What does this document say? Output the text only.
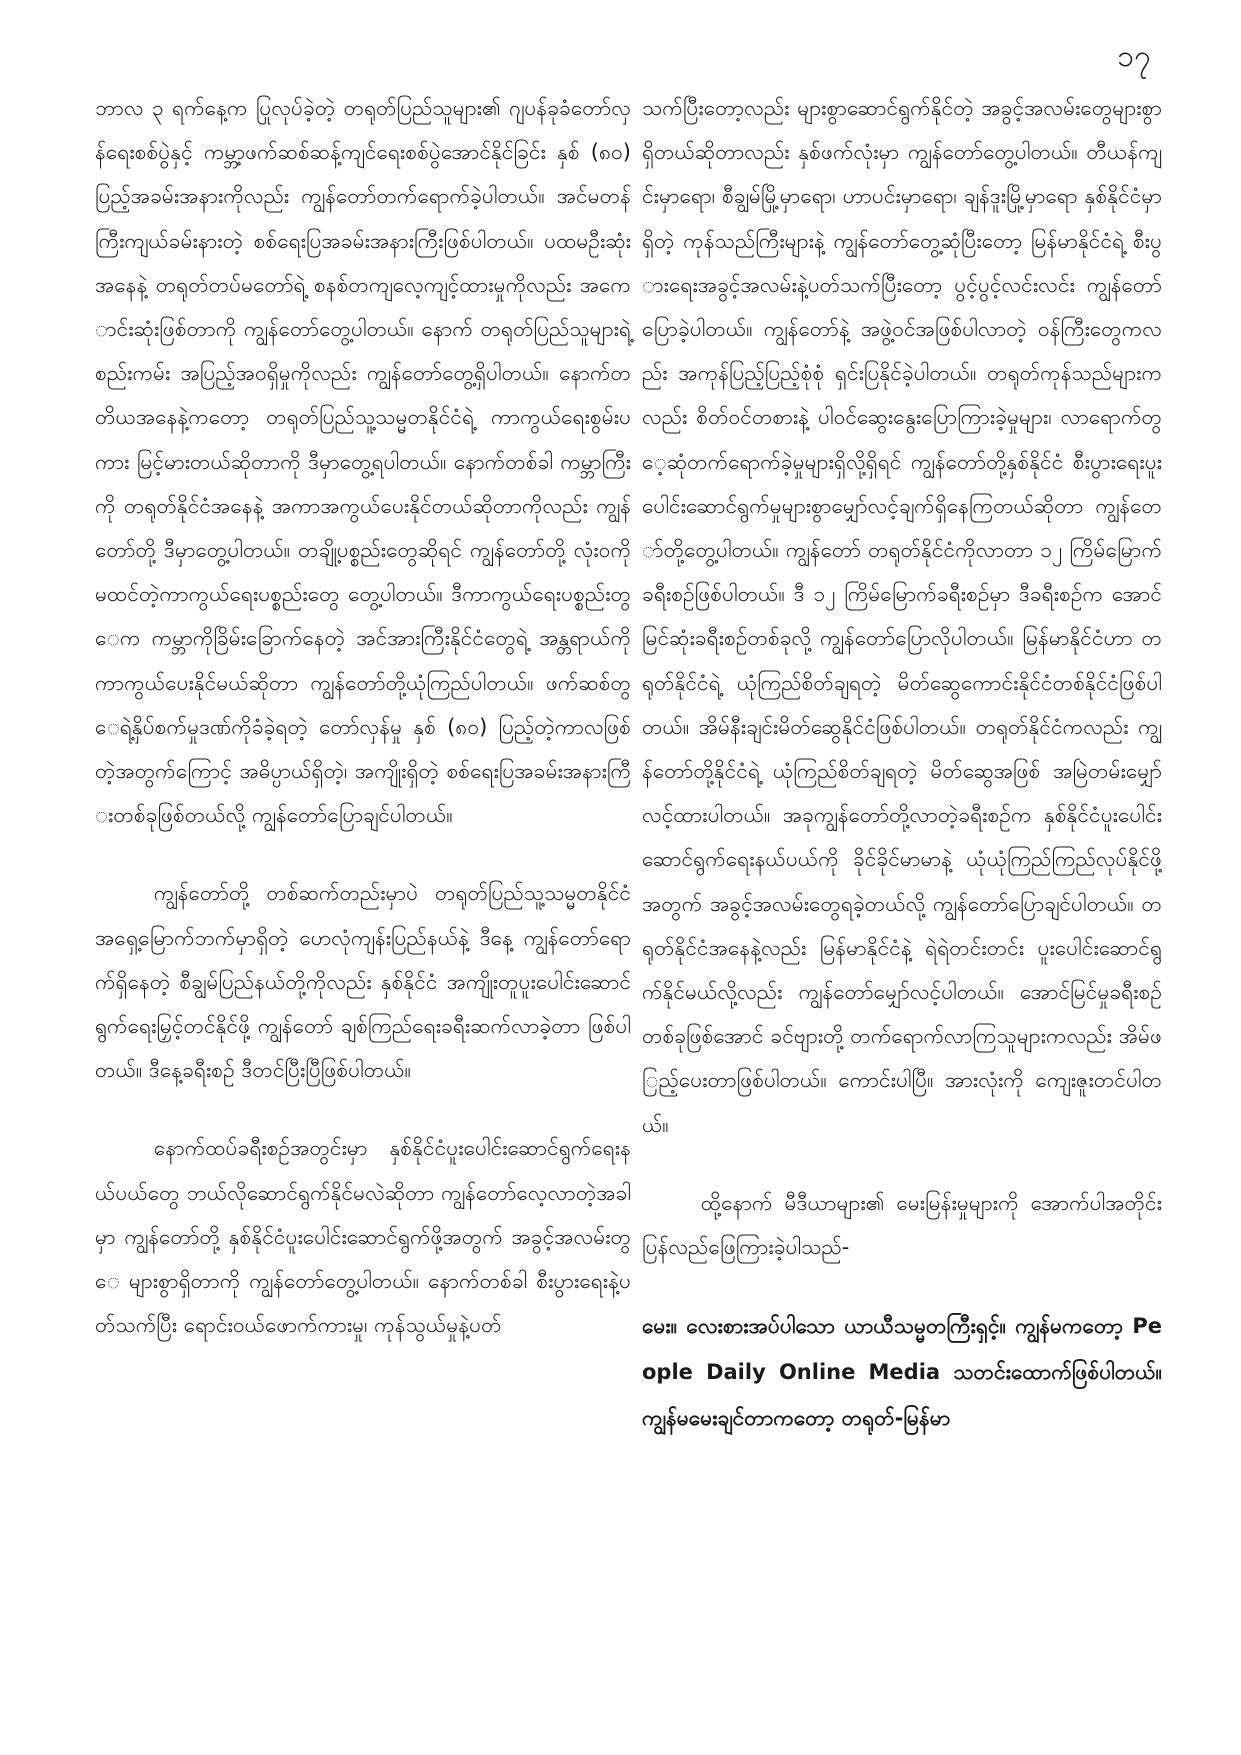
၁၇

ဘာလ ၃ ရက်နေ့က ပြုလုပ်ခဲ့တဲ့ တရုတ်ပြည်သူများ၏ ဂျပန်ခုခံတော်လှန်ရေးစစ်ပွဲနှင့် ကမ္ဘာ့ဖက်ဆစ်ဆန့်ကျင်ရေးစစ်ပွဲအောင်နိုင်ခြင်း နှစ် (၈၀) ပြည့်အခမ်းအနားကိုလည်း ကျွန်တော်တက်ရောက်ခဲ့ပါတယ်။ အင်မတန်ကြီးကျယ်ခမ်းနားတဲ့ စစ်ရေးပြအခမ်းအနားကြီးဖြစ်ပါတယ်။ ပထမဦးဆုံးအနေနဲ့ တရုတ်တပ်မတော်ရဲ့ စနစ်တကျလေ့ကျင့်ထားမှုကိုလည်း အကောင်းဆုံးဖြစ်တာကို ကျွန်တော်တွေ့ပါတယ်။ နောက် တရုတ်ပြည်သူများရဲ့ စည်းကမ်း အပြည့်အဝရှိမှုကိုလည်း ကျွန်တော်တွေ့ရှိပါတယ်။ နောက်တတိယအနေနဲ့ကတော့ တရုတ်ပြည်သူ့သမ္မတနိုင်ငံရဲ့ ကာကွယ်ရေးစွမ်းပကား မြင့်မားတယ်ဆိုတာကို ဒီမှာတွေ့ရပါတယ်။ နောက်တစ်ခါ ကမ္ဘာကြီးကို တရုတ်နိုင်ငံအနေနဲ့ အကာအကွယ်ပေးနိုင်တယ်ဆိုတာကိုလည်း ကျွန်တော်တို့ ဒီမှာတွေ့ပါတယ်။ တချို့ပစ္စည်းတွေဆိုရင် ကျွန်တော်တို့ လုံးဝကို မထင်တဲ့ကာကွယ်ရေးပစ္စည်းတွေ တွေ့ပါတယ်။ ဒီကာကွယ်ရေးပစ္စည်းတွေက ကမ္ဘာကိုခြိမ်းခြောက်နေတဲ့ အင်အားကြီးနိုင်ငံတွေရဲ့ အန္တရာယ်ကိုကာကွယ်ပေးနိုင်မယ်ဆိုတာ ကျွန်တော်တို့ယုံကြည်ပါတယ်။ ဖက်ဆစ်တွေရဲ့နှိပ်စက်မှုဒဏ်ကိုခံခဲ့ရတဲ့ တော်လှန်မှု နှစ် (၈၀) ပြည့်တဲ့ကာလဖြစ်တဲ့အတွက်ကြောင့် အဓိပ္ပာယ်ရှိတဲ့၊ အကျိုးရှိတဲ့ စစ်ရေးပြအခမ်းအနားကြီးတစ်ခုဖြစ်တယ်လို့ ကျွန်တော်ပြောချင်ပါတယ်။

ကျွန်တော်တို့ တစ်ဆက်တည်းမှာပဲ တရုတ်ပြည်သူ့သမ္မတနိုင်ငံ အရှေ့မြောက်ဘက်မှာရှိတဲ့ ဟေလုံကျန်းပြည်နယ်နဲ့ ဒီနေ့ ကျွန်တော်ရောက်ရှိနေတဲ့ စီချွမ်ပြည်နယ်တို့ကိုလည်း နှစ်နိုင်ငံ အကျိုးတူပူးပေါင်းဆောင်ရွက်ရေးမြှင့်တင်နိုင်ဖို့ ကျွန်တော် ချစ်ကြည်ရေးခရီးဆက်လာခဲ့တာ ဖြစ်ပါတယ်။ ဒီနေ့ခရီးစဉ် ဒီတင်ပြီးပြီဖြစ်ပါတယ်။

နောက်ထပ်ခရီးစဉ်အတွင်းမှာ နှစ်နိုင်ငံပူးပေါင်းဆောင်ရွက်ရေးနယ်ပယ်တွေ ဘယ်လိုဆောင်ရွက်နိုင်မလဲဆိုတာ ကျွန်တော်လေ့လာတဲ့အခါမှာ ကျွန်တော်တို့ နှစ်နိုင်ငံပူးပေါင်းဆောင်ရွက်ဖို့အတွက် အခွင့်အလမ်းတွေ များစွာရှိတာကို ကျွန်တော်တွေ့ပါတယ်။ နောက်တစ်ခါ စီးပွားရေးနဲ့ပတ်သက်ပြီး ရောင်းဝယ်ဖောက်ကားမှု၊ ကုန်သွယ်မှုနဲ့ပတ်

သက်ပြီးတော့လည်း များစွာဆောင်ရွက်နိုင်တဲ့ အခွင့်အလမ်းတွေများစွာရှိတယ်ဆိုတာလည်း နှစ်ဖက်လုံးမှာ ကျွန်တော်တွေ့ပါတယ်။ တီယန်ကျင်းမှာရော၊ စီချွမ်မြို့မှာရော၊ ဟာပင်းမှာရော၊ ချန်ဒူးမြို့မှာရော နှစ်နိုင်ငံမှာရှိတဲ့ ကုန်သည်ကြီးများနဲ့ ကျွန်တော်တွေ့ဆုံပြီးတော့ မြန်မာနိုင်ငံရဲ့ စီးပွားရေးအခွင့်အလမ်းနဲ့ပတ်သက်ပြီးတော့ ပွင့်ပွင့်လင်းလင်း ကျွန်တော်ပြောခဲ့ပါတယ်။ ကျွန်တော်နဲ့ အဖွဲ့ဝင်အဖြစ်ပါလာတဲ့ ဝန်ကြီးတွေကလည်း အကုန်ပြည့်ပြည့်စုံစုံ ရှင်းပြနိုင်ခဲ့ပါတယ်။ တရုတ်ကုန်သည်များကလည်း စိတ်ဝင်တစားနဲ့ ပါဝင်ဆွေးနွေးပြောကြားခဲ့မှုများ၊ လာရောက်တွေ့ဆုံတက်ရောက်ခဲ့မှုများရှိလို့ရှိရင် ကျွန်တော်တို့နှစ်နိုင်ငံ စီးပွားရေးပူးပေါင်းဆောင်ရွက်မှုများစွာမျှော်လင့်ချက်ရှိနေကြတယ်ဆိုတာ ကျွန်တော်တို့တွေ့ပါတယ်။ ကျွန်တော် တရုတ်နိုင်ငံကိုလာတာ ၁၂ ကြိမ်မြောက်ခရီးစဉ်ဖြစ်ပါတယ်။ ဒီ ၁၂ ကြိမ်မြောက်ခရီးစဉ်မှာ ဒီခရီးစဉ်က အောင်မြင်ဆုံးခရီးစဉ်တစ်ခုလို့ ကျွန်တော်ပြောလိုပါတယ်။ မြန်မာနိုင်ငံဟာ တရုတ်နိုင်ငံရဲ့ ယုံကြည်စိတ်ချရတဲ့ မိတ်ဆွေကောင်းနိုင်ငံတစ်နိုင်ငံဖြစ်ပါတယ်။ အိမ်နီးချင်းမိတ်ဆွေနိုင်ငံဖြစ်ပါတယ်။ တရုတ်နိုင်ငံကလည်း ကျွန်တော်တို့နိုင်ငံရဲ့ ယုံကြည်စိတ်ချရတဲ့ မိတ်ဆွေအဖြစ် အမြဲတမ်းမျှော်လင့်ထားပါတယ်။ အခုကျွန်တော်တို့လာတဲ့ခရီးစဉ်က နှစ်နိုင်ငံပူးပေါင်းဆောင်ရွက်ရေးနယ်ပယ်ကို ခိုင်ခိုင်မာမာနဲ့ ယုံယုံကြည်ကြည်လုပ်နိုင်ဖို့အတွက် အခွင့်အလမ်းတွေရခဲ့တယ်လို့ ကျွန်တော်ပြောချင်ပါတယ်။ တရုတ်နိုင်ငံအနေနဲ့လည်း မြန်မာနိုင်ငံနဲ့ ရဲရဲတင်းတင်း ပူးပေါင်းဆောင်ရွက်နိုင်မယ်လို့လည်း ကျွန်တော်မျှော်လင့်ပါတယ်။ အောင်မြင်မှုခရီးစဉ်တစ်ခုဖြစ်အောင် ခင်ဗျားတို့ တက်ရောက်လာကြသူများကလည်း အိမ်ဖြည့်ပေးတာဖြစ်ပါတယ်။ ကောင်းပါပြီ။ အားလုံးကို ကျေးဇူးတင်ပါတယ်။

ထို့နောက် မီဒီယာများ၏ မေးမြန်းမှုများကို အောက်ပါအတိုင်း ပြန်လည်ဖြေကြားခဲ့ပါသည်-

မေး။ လေးစားအပ်ပါသော ယာယီသမ္မတကြီးရှင့်။ ကျွန်မကတော့ People Daily Online Media သတင်းထောက်ဖြစ်ပါတယ်။ ကျွန်မမေးချင်တာကတော့ တရုတ်-မြန်မာ
